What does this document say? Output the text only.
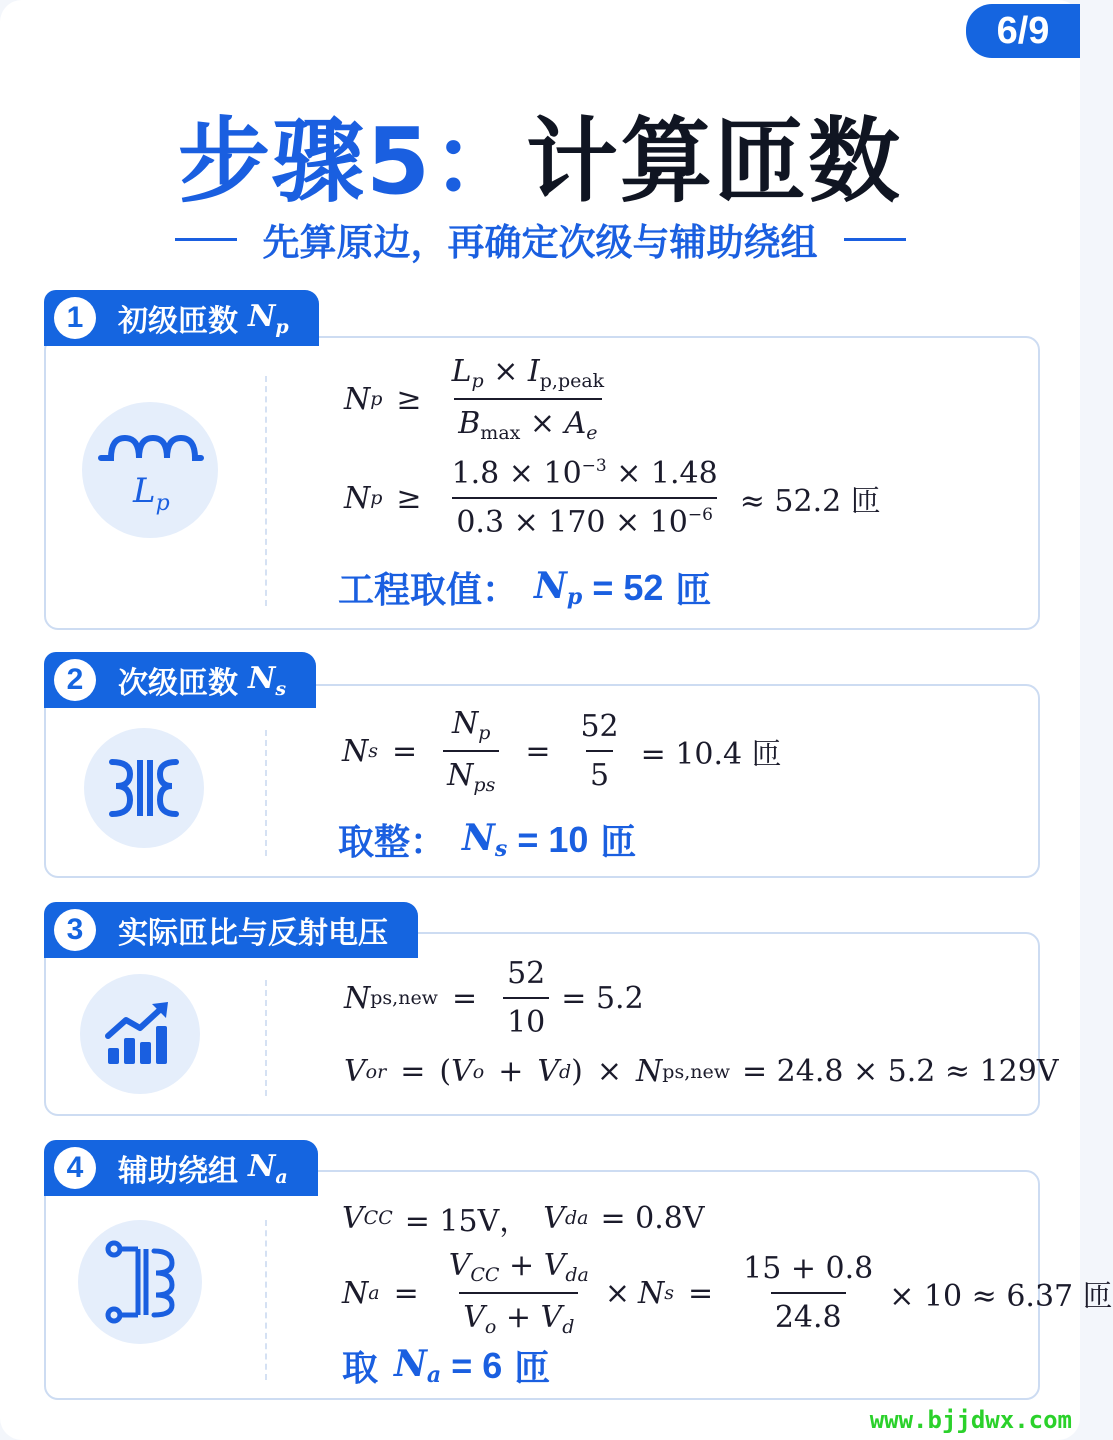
6/9
步骤5：计算匝数
先算原边，再确定次级与辅助绕组
1	初级匝数 $N_p$
$L_p$
N $p \ge \frac{L_p \times I_{p,peak}}{B_{max} \times A_e}$
N $p \ge \frac{1.8 \times 10^{-3} \times 1.48}{0.3 \times 170 \times 10^{-6}} \approx 52.2$ 匝
工程取值： $N_p = 52$ 匝
2	次级匝数 $N_s$
N $s = \frac{N_p}{N_{ps}} = \frac{52}{5} = 10.4$ 匝
取整： $N_s = 10$ 匝
3	实际匝比与反射电压
N $ps,new = \frac{52}{10} = 5.2$
V or = ( V o + V d ) × N ps,new = 24.8 × 5.2 ≈ 129V
4	辅助绕组 $N_a$
V CC = 15V， V da = 0.8V
N $a = \frac{V_{CC} + V_{da}}{V_o + V_d} \times N$ $s = \frac{15 + 0.8}{24.8} \times 10 \approx 6.37$ 匝
取 $N_a = 6$ 匝
www.bjjdwx.com
